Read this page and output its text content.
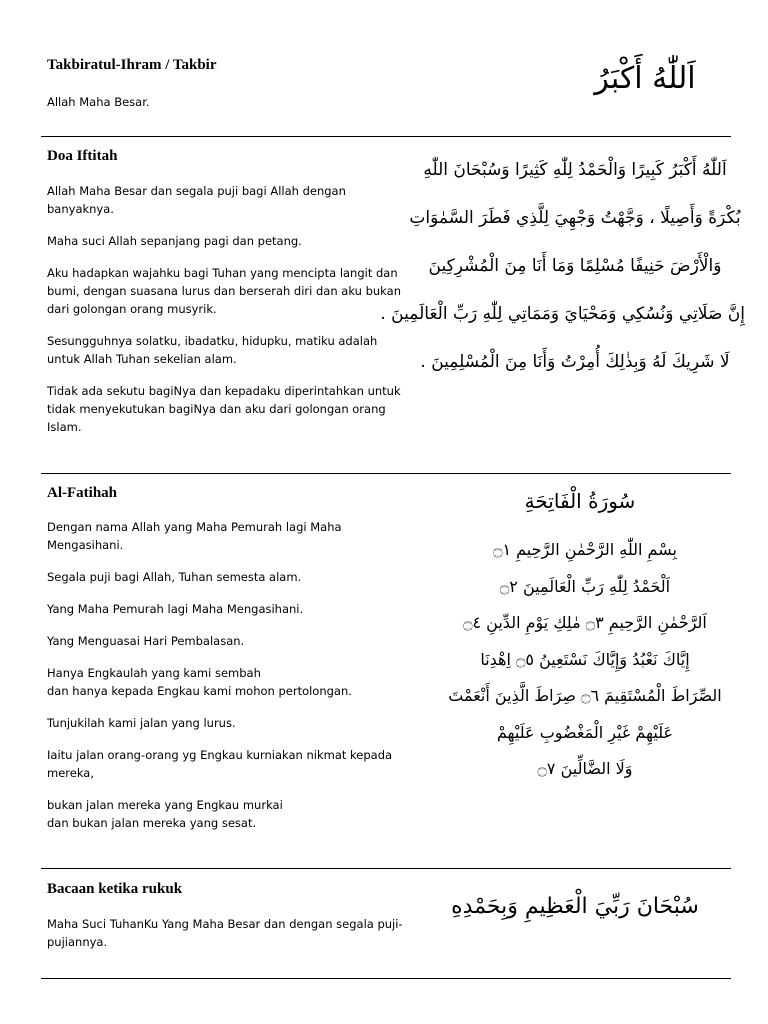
Takbiratul-Ihram / Takbir

Allah Maha Besar.

اَللّٰهُ أَكْبَرُ
Doa Iftitah

Allah Maha Besar dan segala puji bagi Allah dengan banyaknya.

Maha suci Allah sepanjang pagi dan petang.

Aku hadapkan wajahku bagi Tuhan yang mencipta langit dan bumi, dengan suasana lurus dan berserah diri dan aku bukan dari golongan orang musyrik.

Sesungguhnya solatku, ibadatku, hidupku, matiku adalah untuk Allah Tuhan sekelian alam.

Tidak ada sekutu bagiNya dan kepadaku diperintahkan untuk tidak menyekutukan bagiNya dan aku dari golongan orang Islam.

اَللّٰهُ أَكْبَرُ كَبِيرًا وَالْحَمْدُ لِلّٰهِ كَثِيرًا وَسُبْحَانَ اللّٰهِ
بُكْرَةً وَأَصِيلًا ، وَجَّهْتُ وَجْهِيَ لِلَّذِي فَطَرَ السَّمٰوَاتِ
وَالْأَرْضَ حَنِيفًا مُسْلِمًا وَمَا أَنَا مِنَ الْمُشْرِكِينَ
إِنَّ صَلَاتِي وَنُسُكِي وَمَحْيَايَ وَمَمَاتِي لِلّٰهِ رَبِّ الْعَالَمِينَ .
لَا شَرِيكَ لَهُ وَبِذٰلِكَ أُمِرْتُ وَأَنَا مِنَ الْمُسْلِمِينَ .
Al-Fatihah

Dengan nama Allah yang Maha Pemurah lagi Maha Mengasihani.

Segala puji bagi Allah, Tuhan semesta alam.

Yang Maha Pemurah lagi Maha Mengasihani.

Yang Menguasai Hari Pembalasan.

Hanya Engkaulah yang kami sembah
dan hanya kepada Engkau kami mohon pertolongan.

Tunjukilah kami jalan yang lurus.

Iaitu jalan orang-orang yg Engkau kurniakan nikmat kepada mereka,

bukan jalan mereka yang Engkau murkai
dan bukan jalan mereka yang sesat.

سُورَةُ الْفَاتِحَةِ
بِسْمِ اللّٰهِ الرَّحْمٰنِ الرَّحِيمِ ۝١
اَلْحَمْدُ لِلّٰهِ رَبِّ الْعَالَمِينَ ۝٢
اَلرَّحْمٰنِ الرَّحِيمِ ۝٣ مٰلِكِ يَوْمِ الدِّينِ ۝٤
إِيَّاكَ نَعْبُدُ وَإِيَّاكَ نَسْتَعِينُ ۝٥ اِهْدِنَا
الصِّرَاطَ الْمُسْتَقِيمَ ۝٦ صِرَاطَ الَّذِينَ أَنْعَمْتَ
عَلَيْهِمْ غَيْرِ الْمَغْضُوبِ عَلَيْهِمْ
وَلَا الضَّالِّينَ ۝٧
Bacaan ketika rukuk

Maha Suci TuhanKu Yang Maha Besar dan dengan segala puji-pujiannya.

سُبْحَانَ رَبِّيَ الْعَظِيمِ وَبِحَمْدِهِ
